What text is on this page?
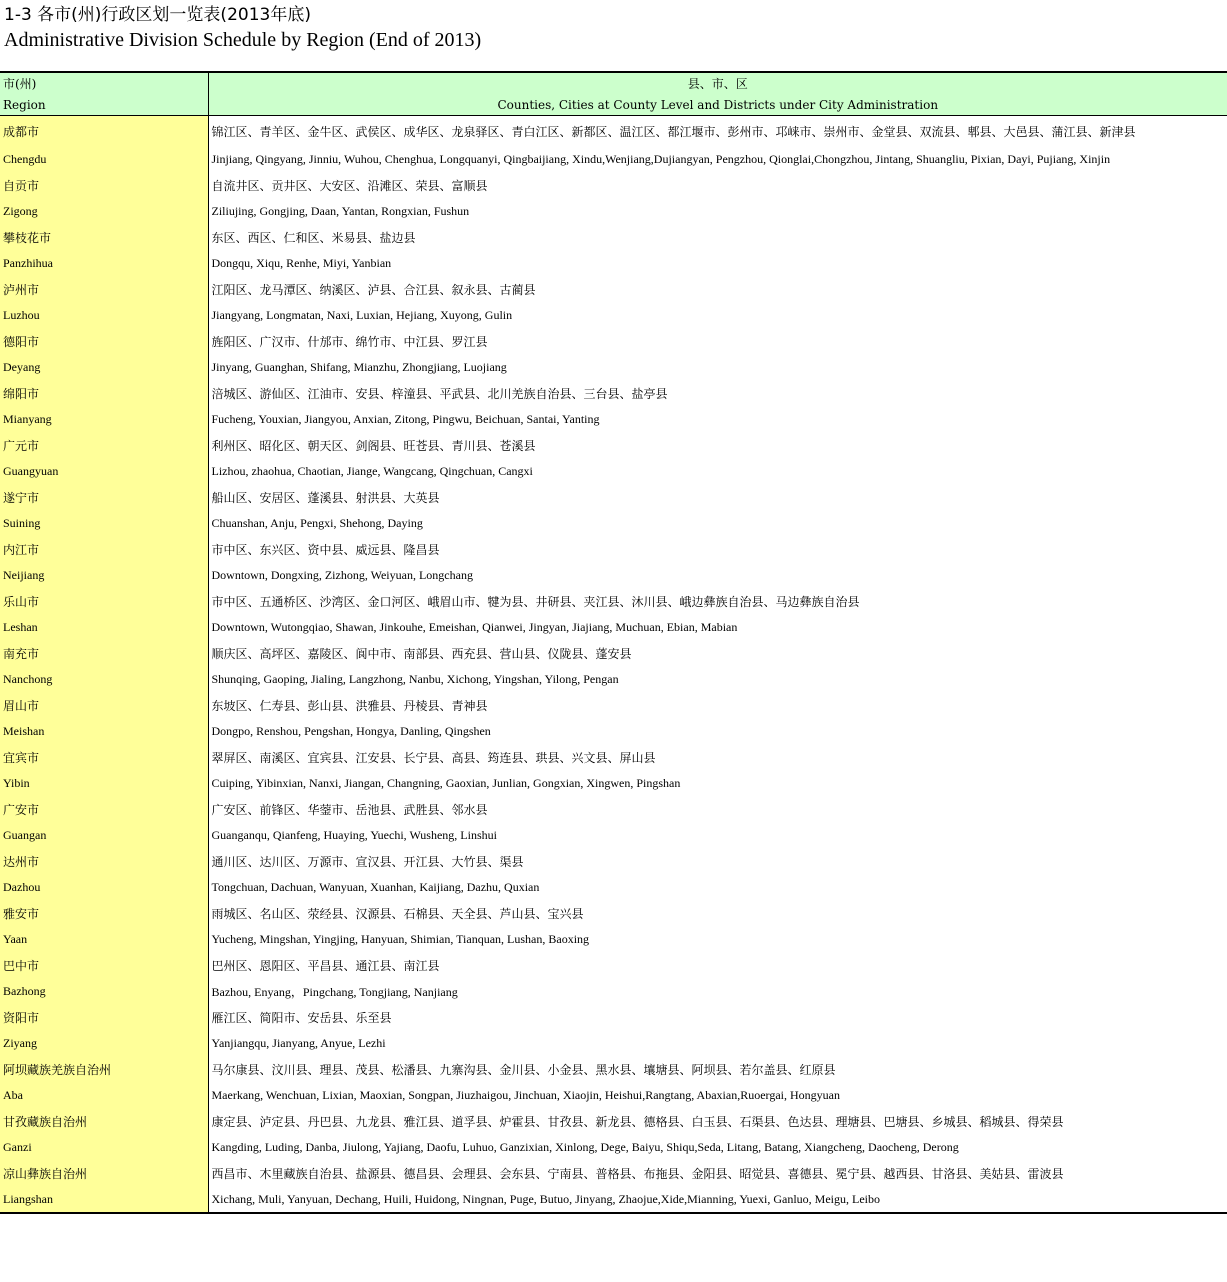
1-3 各市(州)行政区划一览表(2013年底)
Administrative Division Schedule by Region (End of 2013)
市(州)	县、市、区
Region	Counties, Cities at County Level and Districts under City Administration
成都市	锦江区、青羊区、金牛区、武侯区、成华区、龙泉驿区、青白江区、新都区、温江区、都江堰市、彭州市、邛崃市、崇州市、金堂县、双流县、郫县、大邑县、蒲江县、新津县
Chengdu	Jinjiang, Qingyang, Jinniu, Wuhou, Chenghua, Longquanyi, Qingbaijiang, Xindu,Wenjiang,Dujiangyan, Pengzhou, Qionglai,Chongzhou, Jintang, Shuangliu, Pixian, Dayi, Pujiang, Xinjin
自贡市	自流井区、贡井区、大安区、沿滩区、荣县、富顺县
Zigong	Ziliujing, Gongjing, Daan, Yantan, Rongxian, Fushun
攀枝花市	东区、西区、仁和区、米易县、盐边县
Panzhihua	Dongqu, Xiqu, Renhe, Miyi, Yanbian
泸州市	江阳区、龙马潭区、纳溪区、泸县、合江县、叙永县、古蔺县
Luzhou	Jiangyang, Longmatan, Naxi, Luxian, Hejiang, Xuyong, Gulin
德阳市	旌阳区、广汉市、什邡市、绵竹市、中江县、罗江县
Deyang	Jinyang, Guanghan, Shifang, Mianzhu, Zhongjiang, Luojiang
绵阳市	涪城区、游仙区、江油市、安县、梓潼县、平武县、北川羌族自治县、三台县、盐亭县
Mianyang	Fucheng, Youxian, Jiangyou, Anxian, Zitong, Pingwu, Beichuan, Santai, Yanting
广元市	利州区、昭化区、朝天区、剑阁县、旺苍县、青川县、苍溪县
Guangyuan	Lizhou, zhaohua, Chaotian, Jiange, Wangcang, Qingchuan, Cangxi
遂宁市	船山区、安居区、蓬溪县、射洪县、大英县
Suining	Chuanshan, Anju, Pengxi, Shehong, Daying
内江市	市中区、东兴区、资中县、威远县、隆昌县
Neijiang	Downtown, Dongxing, Zizhong, Weiyuan, Longchang
乐山市	市中区、五通桥区、沙湾区、金口河区、峨眉山市、犍为县、井研县、夹江县、沐川县、峨边彝族自治县、马边彝族自治县
Leshan	Downtown, Wutongqiao, Shawan, Jinkouhe, Emeishan, Qianwei, Jingyan, Jiajiang, Muchuan, Ebian, Mabian
南充市	顺庆区、高坪区、嘉陵区、阆中市、南部县、西充县、营山县、仪陇县、蓬安县
Nanchong	Shunqing, Gaoping, Jialing, Langzhong, Nanbu, Xichong, Yingshan, Yilong, Pengan
眉山市	东坡区、仁寿县、彭山县、洪雅县、丹棱县、青神县
Meishan	Dongpo, Renshou, Pengshan, Hongya, Danling, Qingshen
宜宾市	翠屏区、南溪区、宜宾县、江安县、长宁县、高县、筠连县、珙县、兴文县、屏山县
Yibin	Cuiping, Yibinxian, Nanxi, Jiangan, Changning, Gaoxian, Junlian, Gongxian, Xingwen, Pingshan
广安市	广安区、前锋区、华蓥市、岳池县、武胜县、邻水县
Guangan	Guanganqu, Qianfeng, Huaying, Yuechi, Wusheng, Linshui
达州市	通川区、达川区、万源市、宣汉县、开江县、大竹县、渠县
Dazhou	Tongchuan, Dachuan, Wanyuan, Xuanhan, Kaijiang, Dazhu, Quxian
雅安市	雨城区、名山区、荥经县、汉源县、石棉县、天全县、芦山县、宝兴县
Yaan	Yucheng, Mingshan, Yingjing, Hanyuan, Shimian, Tianquan, Lushan, Baoxing
巴中市	巴州区、恩阳区、平昌县、通江县、南江县
Bazhong	Bazhou, Enyang，Pingchang, Tongjiang, Nanjiang
资阳市	雁江区、简阳市、安岳县、乐至县
Ziyang	Yanjiangqu, Jianyang, Anyue, Lezhi
阿坝藏族羌族自治州	马尔康县、汶川县、理县、茂县、松潘县、九寨沟县、金川县、小金县、黑水县、壤塘县、阿坝县、若尔盖县、红原县
Aba	Maerkang, Wenchuan, Lixian, Maoxian, Songpan, Jiuzhaigou, Jinchuan, Xiaojin, Heishui,Rangtang, Abaxian,Ruoergai, Hongyuan
甘孜藏族自治州	康定县、泸定县、丹巴县、九龙县、雅江县、道孚县、炉霍县、甘孜县、新龙县、德格县、白玉县、石渠县、色达县、理塘县、巴塘县、乡城县、稻城县、得荣县
Ganzi	Kangding, Luding, Danba, Jiulong, Yajiang, Daofu, Luhuo, Ganzixian, Xinlong, Dege, Baiyu, Shiqu,Seda, Litang, Batang, Xiangcheng, Daocheng, Derong
凉山彝族自治州	西昌市、木里藏族自治县、盐源县、德昌县、会理县、会东县、宁南县、普格县、布拖县、金阳县、昭觉县、喜德县、冕宁县、越西县、甘洛县、美姑县、雷波县
Liangshan	Xichang, Muli, Yanyuan, Dechang, Huili, Huidong, Ningnan, Puge, Butuo, Jinyang, Zhaojue,Xide,Mianning, Yuexi, Ganluo, Meigu, Leibo
